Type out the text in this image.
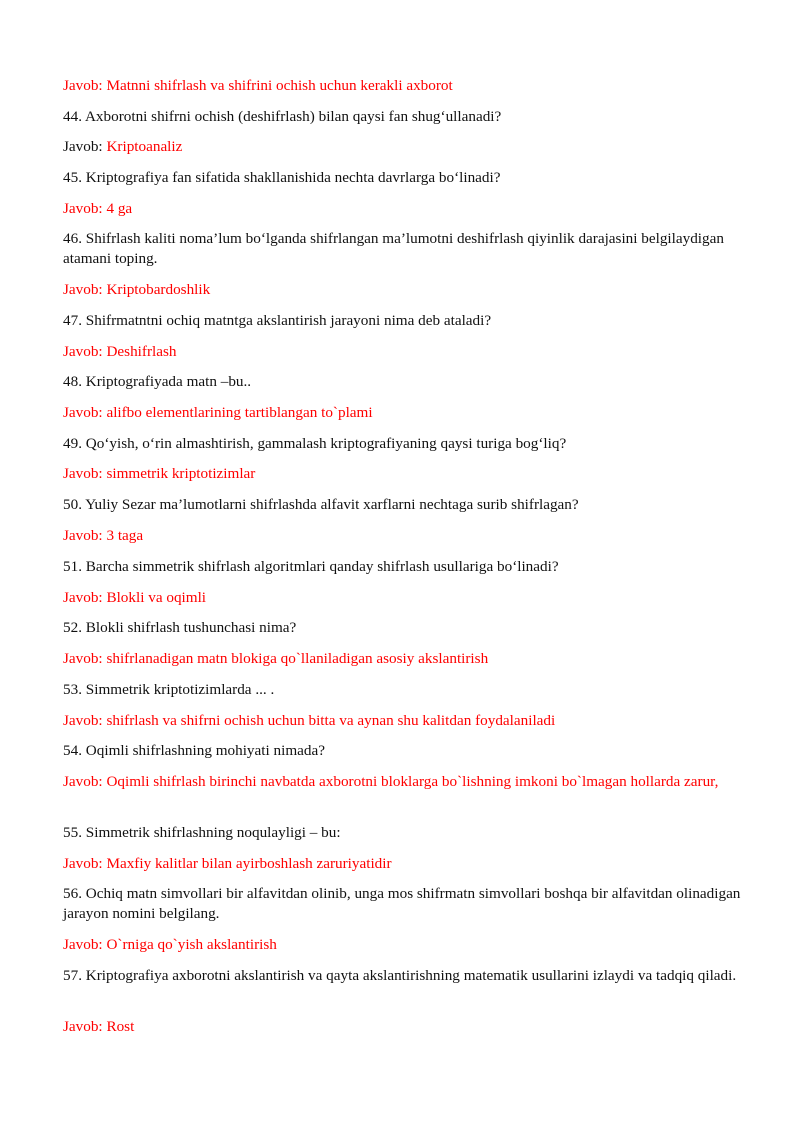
Javob: Matnni shifrlash va shifrini ochish uchun kerakli axborot

44. Axborotni shifrni ochish (deshifrlash) bilan qaysi fan shug‘ullanadi?

Javob: Kriptoanaliz

45. Kriptografiya fan sifatida shakllanishida nechta davrlarga bo‘linadi?

Javob: 4 ga

46. Shifrlash kaliti noma’lum bo‘lganda shifrlangan ma’lumotni deshifrlash qiyinlik darajasini belgilaydigan atamani toping.

Javob: Kriptobardoshlik

47. Shifrmatntni ochiq matntga akslantirish jarayoni nima deb ataladi?

Javob: Deshifrlash

48. Kriptografiyada matn –bu..

Javob: alifbo elementlarining tartiblangan to`plami

49. Qo‘yish, o‘rin almashtirish, gammalash kriptografiyaning qaysi turiga bog‘liq?

Javob: simmetrik kriptotizimlar

50. Yuliy Sezar ma’lumotlarni shifrlashda alfavit xarflarni nechtaga surib shifrlagan?

Javob: 3 taga

51. Barcha simmetrik shifrlash algoritmlari qanday shifrlash usullariga bo‘linadi?

Javob: Blokli va oqimli

52. Blokli shifrlash tushunchasi nima?

Javob: shifrlanadigan matn blokiga qo`llaniladigan asosiy akslantirish

53. Simmetrik kriptotizimlarda ... .

Javob: shifrlash va shifrni ochish uchun bitta va aynan shu kalitdan foydalaniladi

54. Oqimli shifrlashning mohiyati nimada?

Javob: Oqimli shifrlash birinchi navbatda axborotni bloklarga bo`lishning imkoni bo`lmagan hollarda zarur,

55. Simmetrik shifrlashning noqulayligi – bu:

Javob: Maxfiy kalitlar bilan ayirboshlash zaruriyatidir

56. Ochiq matn simvollari bir alfavitdan olinib, unga mos shifrmatn simvollari boshqa bir alfavitdan olinadigan jarayon nomini belgilang.

Javob: O`rniga qo`yish akslantirish

57. Kriptografiya axborotni akslantirish va qayta akslantirishning matematik usullarini izlaydi va tadqiq qiladi.

Javob: Rost
